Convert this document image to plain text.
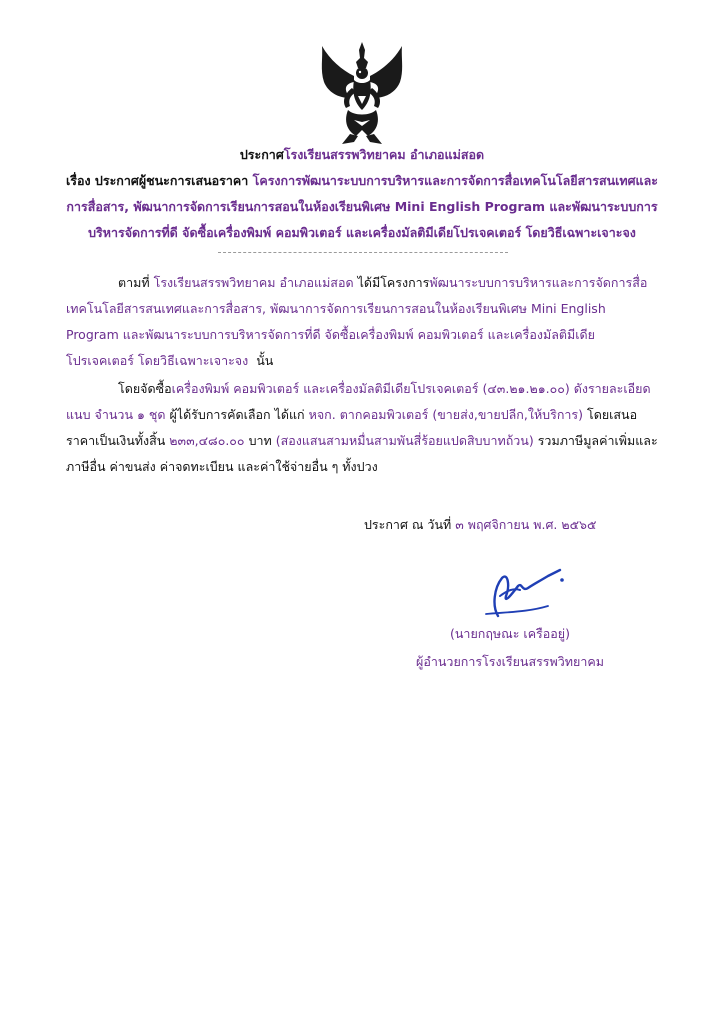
ประกาศโรงเรียนสรรพวิทยาคม อำเภอแม่สอด
เรื่อง ประกาศผู้ชนะการเสนอราคา โครงการพัฒนาระบบการบริหารและการจัดการสื่อเทคโนโลยีสารสนเทศและ
การสื่อสาร, พัฒนาการจัดการเรียนการสอนในห้องเรียนพิเศษ Mini English Program และพัฒนาระบบการ
บริหารจัดการที่ดี จัดซื้อเครื่องพิมพ์ คอมพิวเตอร์ และเครื่องมัลติมีเดียโปรเจคเตอร์ โดยวิธีเฉพาะเจาะจง
ตามที่ โรงเรียนสรรพวิทยาคม อำเภอแม่สอด ได้มีโครงการพัฒนาระบบการบริหารและการจัดการสื่อเทคโนโลยีสารสนเทศและการสื่อสาร, พัฒนาการจัดการเรียนการสอนในห้องเรียนพิเศษ Mini English Program และพัฒนาระบบการบริหารจัดการที่ดี จัดซื้อเครื่องพิมพ์ คอมพิวเตอร์ และเครื่องมัลติมีเดียโปรเจคเตอร์ โดยวิธีเฉพาะเจาะจง นั้น
โดยจัดซื้อเครื่องพิมพ์ คอมพิวเตอร์ และเครื่องมัลติมีเดียโปรเจคเตอร์ (๔๓.๒๑.๒๑.๐๐) ดังรายละเอียดแนบ จำนวน ๑ ชุด ผู้ได้รับการคัดเลือก ได้แก่ หจก. ตากคอมพิวเตอร์ (ขายส่ง,ขายปลีก,ให้บริการ) โดยเสนอราคาเป็นเงินทั้งสิ้น ๒๓๓,๔๘๐.๐๐ บาท (สองแสนสามหมื่นสามพันสี่ร้อยแปดสิบบาทถ้วน) รวมภาษีมูลค่าเพิ่มและภาษีอื่น ค่าขนส่ง ค่าจดทะเบียน และค่าใช้จ่ายอื่น ๆ ทั้งปวง
ประกาศ ณ วันที่ ๓ พฤศจิกายน พ.ศ. ๒๕๖๕
(นายกฤษณะ เครืออยู่)
ผู้อำนวยการโรงเรียนสรรพวิทยาคม
